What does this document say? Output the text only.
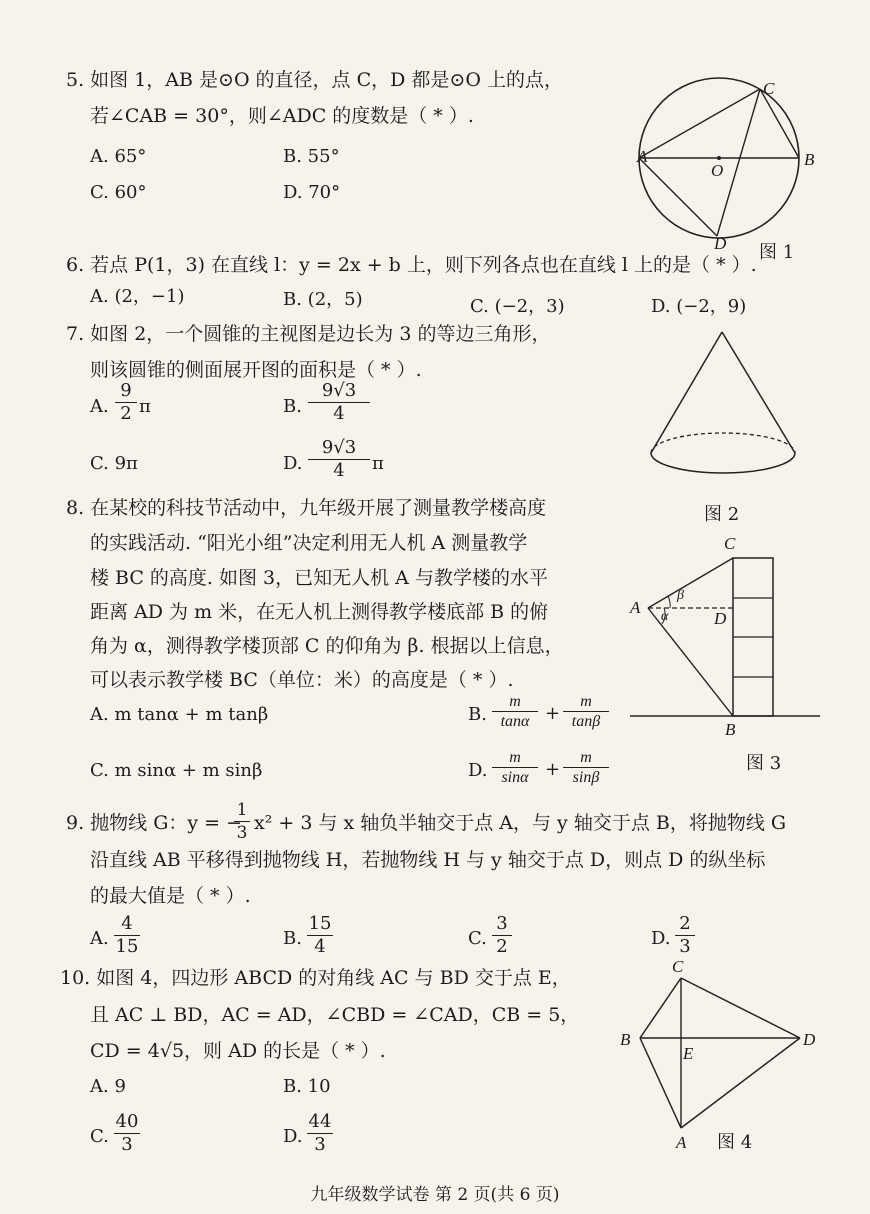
5. 如图 1，AB 是⊙O 的直径，点 C，D 都是⊙O 上的点，
若∠CAB = 30°，则∠ADC 的度数是（ * ）.
A. 65°	B. 55°
C. 60°	D. 70°
A	B
C
D
O
图 1
6. 若点 P(1，3) 在直线 l：y = 2x + b 上，则下列各点也在直线 l 上的是（ * ）.
A. (2，−1)	B. (2，5)	C. (−2，3)	D. (−2，9)
7. 如图 2，一个圆锥的主视图是边长为 3 的等边三角形，
则该圆锥的侧面展开图的面积是（ * ）.
A. $\frac{9}{2}$ π	B. $\frac{9√3}{4}$
C. 9π	D. $\frac{9√3}{4}$ π
图 2
8. 在某校的科技节活动中，九年级开展了测量教学楼高度
的实践活动. “阳光小组”决定利用无人机 A 测量教学
楼 BC 的高度. 如图 3，已知无人机 A 与教学楼的水平
距离 AD 为 m 米，在无人机上测得教学楼底部 B 的俯
角为 α，测得教学楼顶部 C 的仰角为 β. 根据以上信息，
可以表示教学楼 BC（单位：米）的高度是（ * ）.
A. m tanα + m tanβ	B. $\frac{m}{\tan\alpha} + \frac{m}{\tan\beta}$
C. m sinα + m sinβ	D. $\frac{m}{\sin\alpha} + \frac{m}{\sin\beta}$
A
B
C
D
α
β
图 3
9. 抛物线 G：y = −
$\frac{1}{3} x^2 + 3$ 与 x 轴负半轴交于点 A，与 y 轴交于点 B，将抛物线 G
沿直线 AB 平移得到抛物线 H，若抛物线 H 与 y 轴交于点 D，则点 D 的纵坐标
的最大值是（ * ）.
A. $\frac{4}{15}$	B. $\frac{15}{4}$	C. $\frac{3}{2}$	D. $\frac{2}{3}$
10. 如图 4，四边形 ABCD 的对角线 AC 与 BD 交于点 E，
且 AC ⊥ BD，AC = AD，∠CBD = ∠CAD，CB = 5，
CD = 4√5，则 AD 的长是（ * ）.
A. 9	B. 10
C. $\frac{40}{3}$	D. $\frac{44}{3}$
C
B	D
E
A 图 4
九年级数学试卷 第 2 页(共 6 页)
